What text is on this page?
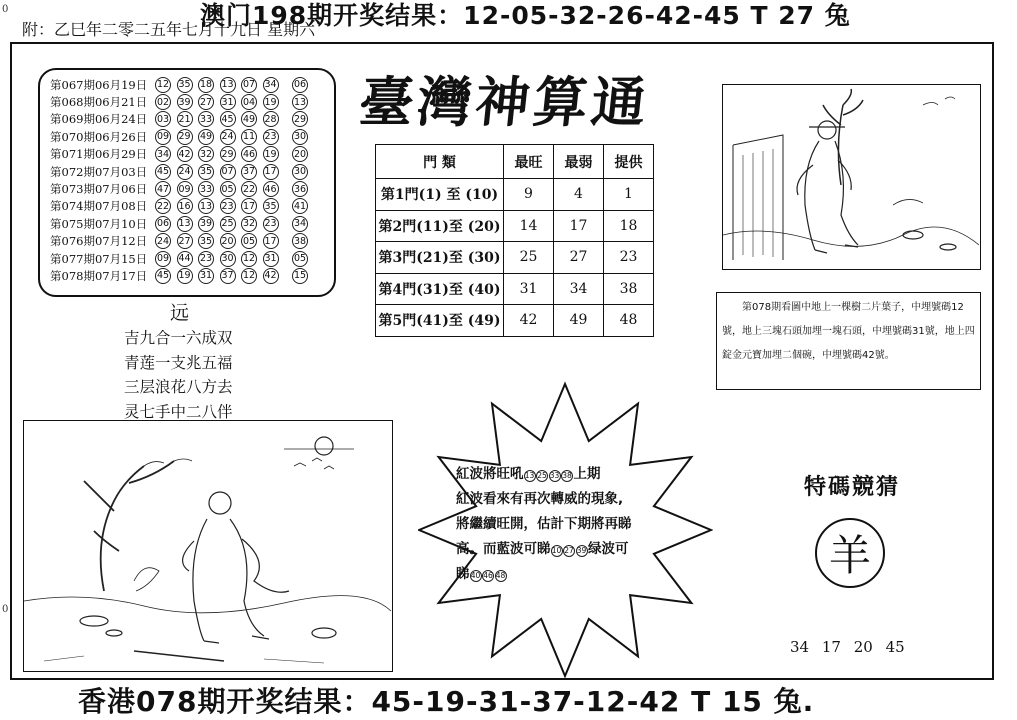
澳门198期开奖结果：12-05-32-26-42-45 T 27 兔
附：乙巳年二零二五年七月十九日 星期六
0
0
第067期06月19日	12 35 18 13 07 34 06
第068期06月21日	02 39 27 31 04 19 13
第069期06月24日	03 21 33 45 49 28 29
第070期06月26日	09 29 49 24 11 23 30
第071期06月29日	34 42 32 29 46 19 20
第072期07月03日	45 24 35 07 37 17 30
第073期07月06日	47 09 33 05 22 46 36
第074期07月08日	22 16 13 23 17 35 41
第075期07月10日	06 13 39 25 32 23 34
第076期07月12日	24 27 35 20 05 17 38
第077期07月15日	09 44 23 30 12 31 05
第078期07月17日	45 19 31 37 12 42 15
臺灣神算通
門 類	最旺	最弱	提供
第1門(1) 至 (10)	9	4	1
第2門(11)至 (20)	14	17	18
第3門(21)至 (30)	25	27	23
第4門(31)至 (40)	31	34	38
第5門(41)至 (49)	42	49	48
远
吉九合一六成双
青莲一支兆五福
三层浪花八方去
灵七手中二八伴
第078期看圖中地上一棵樹二片葉子，中埋號碼12號，地上三塊石頭加埋一塊石頭，中埋號碼31號，地上四錠金元寶加埋二個碗，中埋號碼42號。
紅波將旺吼13 25 33 38 上期
紅波看來有再次轉威的現象,
將繼續旺開，估計下期將再睇
高。而藍波可睇10 27 39 绿波可
睇40 46 48
特碼競猜
羊
34 17 20 45
香港078期开奖结果：45-19-31-37-12-42 T 15 兔.
